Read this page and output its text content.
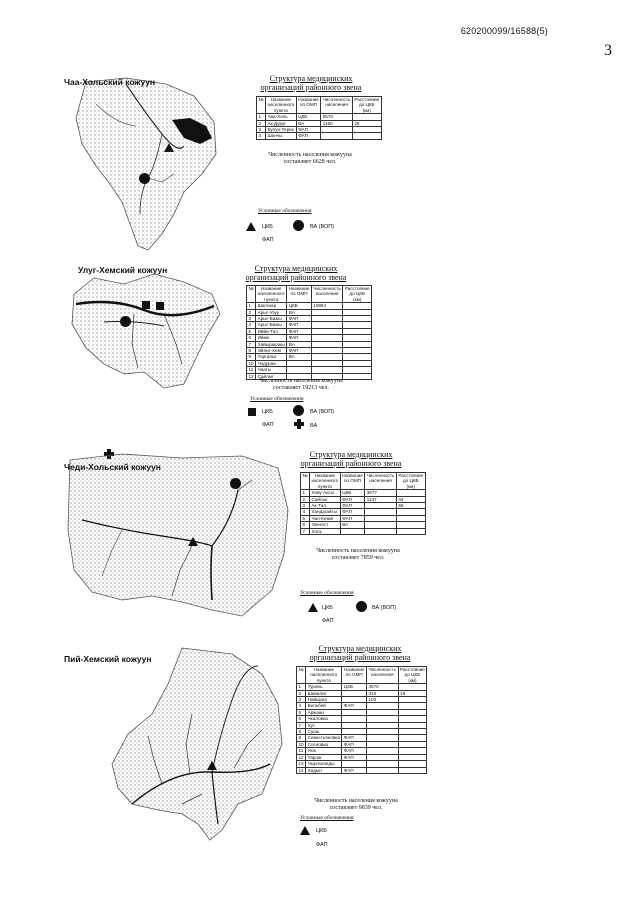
620200099/16588(5)
3
Чаа-Хольский кожуун	Структура медицинских
организаций районного звена
№	Название населенного пункта	Название по ОМП	Численность населения	Расстояние до ЦКБ (км)
1	Чаа-Холь	ЦКБ	5570	
2	Ак-Дуруг	ВА	1150	26
3	Булун-Терек	ФАП		
4	Шанчы	ФАП		
Численность населения кожууна
составляет 6628 чел.
Условные обозначения
ЦКБ	ВА (ВОП)
ФАП
Улуг-Хемский кожуун	Структура медицинских
организаций районного звена
№	Название населенного пункта	Название по ОМП	Численность населения	Расстояние до ЦКБ (км)
1	Шагонар	ЦКБ	10884	
2	Арыг-Узуу	ВА		
3	Арыг-Бажы	ФАП		
4	Арыг-Бажы	ФАП		
5	Иййи-Тал	ФАП		
6	Ийме	ФАП		
7	Хайыраканы	ВА		
8	Эйлиг-Хем	ФАП		
9	Торгалыг	ВА		
10	Чодураа			
11	Чааты			
12	Сайлыг			
Численность населения кожууна
составляет 19213 чел.
Условные обозначения
ЦКБ	ВА (ВОП)
ФАП	ВА
Чеди-Хольский кожуун
Структура медицинских
организаций районного звена
№	Название населенного пункта	Название по ОМП	Численность населения	Расстояние до ЦКБ (км)
1	Хову-Аксы	ЦКБ	3677	
2	Сайлыг	ФАП	1137	44
3	Ак-Тал	ФАП		55
4	Хандагайты	ФАП		
5	Чал-Кежиг	ФАП		
6	Элегест	ВА		
7	Холь			
Численность населения кожууна
составляет 7859 чел.
Условные обозначения
ЦКБ	ВА (ВОП)
ФАП
Пий-Хемский кожуун
Структура медицинских
организаций районного звена
№	Название населенного пункта	Название по ОМП	Численность населения	Расстояние до ЦКБ (км)
1	Турань	ЦКБ	4970	
2	Шивилиг		310	18
3	Найырал		103	
4	Бельбей	ФАП		
5	Аржаан			
6	Чкаловка			
7	Хут			
8	Сушь			
9	Севастьяновка	ФАП		
10	Сосновка	ФАП		
11	Уюк	ФАП		
12	Тарлаг	ФАП		
13	Чыргаланды			
14	Хадын	ФАП		
Численность населения кожууна
составляет 9839 чел.
Условные обозначения
ЦКБ
ФАП
